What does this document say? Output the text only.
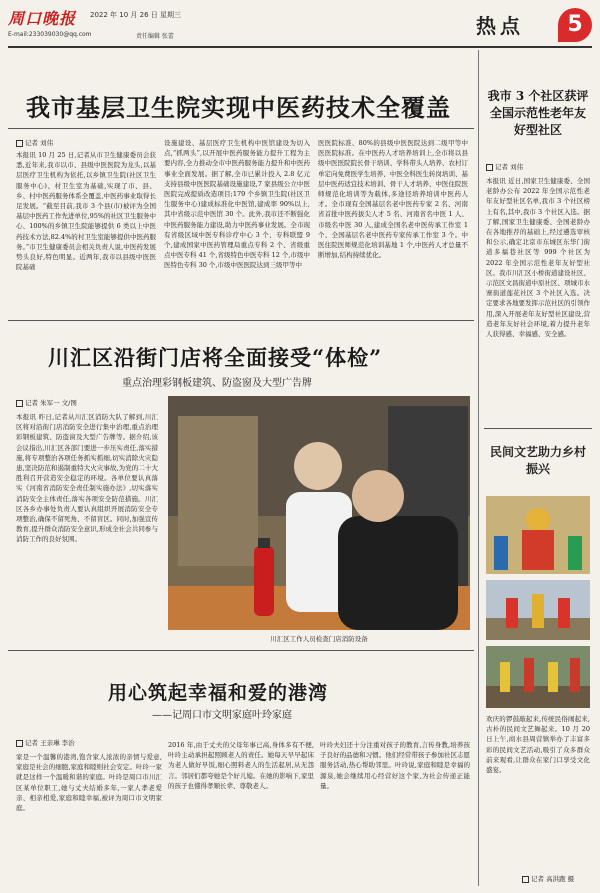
周口晚报 2022 年 10 月 26 日 星期三
E-mail:233039030@qq.com	责任编辑 张蕾	热点	5
我市基层卫生院实现中医药技术全覆盖
记者 刘伟
本报讯 10 月 25 日,记者从市卫生健康委员会获悉,近年来,我市以市、县级中医医院为龙头,以基层医疗卫生机构为依托,以乡镇卫生院(社区卫生服务中心)、村卫生室为基础,实现了市、县、乡、村中医药服务体系全覆盖,中医药事业取得长足发展。“截至目前,我市 3 个县(市)被评为全国基层中医药工作先进单位,95%的社区卫生服务中心、100%的乡镇卫生院能够提供 6 类以上中医药技术方法,82.4%的村卫生室能够提供中医药服务。”市卫生健康委员会相关负责人说,中医药发展势头良好,特色明显。近两年,我市以县级中医医院基础
设施建设、基层医疗卫生机构中医馆建设为切入点,“抓两头”,以开展中医药服务能力提升工程为主要内容,全力推动全市中医药服务能力提升和中医药事业全面发展。据了解,全市已累计投入 2.8 亿元支持县级中医医院基础设施建设,7 家县级公立中医医院完成提质改造项目;179 个乡镇卫生院(社区卫生服务中心)建成标准化中医馆,建成率 90%以上,其中省级示范中医馆 30 个。此外,我市还不断强化中医药服务能力建设,助力中医药事业发展。全市现有省级区域中医专科诊疗中心 3 个、专科联盟 9 个,建成国家中医药管理局重点专科 2 个、省级重点中医专科 41 个,省级特色中医专科 12 个,市级中医特色专科 30 个,市级中医医院达到三级甲等中
医医院标准、80%的县级中医医院达到二级甲等中医医院标准。在中医药人才培养培训上,全市将以县级中医医院院长骨干培训、学科带头人培养、农村订单定向免费医学生培养、中医全科医生转岗培训、基层中医药适宜技术培训、骨干人才培养、中医住院医师规范化培训等为载体,多途径培养培训中医药人才。全市现有全国基层名老中医药专家 2 名、河南省首批中医药拔尖人才 5 名、河南省名中医 1 人、市级名中医 30 人,建成全国名老中医传承工作室 1 个、全国基层名老中医药专家传承工作室 3 个。中医住院医师规范化培训基地 1 个,中医药人才总量不断增加,结构持续优化。
川汇区沿街门店将全面接受“体检”
重点治理彩钢板建筑、防盗窗及大型广告牌
记者 朱军一 文/图
本报讯 昨日,记者从川汇区消防大队了解到,川汇区将对沿街门店消防安全进行集中治理,重点治理彩钢板建筑、防盗窗及大型广告牌等。据介绍,该会议指出,川汇区各部门要进一步压实责任,落实措施,将专项整治各项任务抓实抓细,切实消除火灾隐患,坚决防范和遏制重特大火灾事故,为党的二十大胜利召开营造安全稳定的环境。各单位要认真落实《河南省消防安全责任制实施办法》,切实落实消防安全主体责任,落实各项安全防范措施。川汇区各乡办事处负责人要认真组织开展消防安全专项整治,确保不留死角、不留盲区。同时,加强宣传教育,提升群众消防安全意识,形成全社会共同参与消防工作的良好氛围。
川汇区工作人员检查门店消防设备
用心筑起幸福和爱的港湾
——记周口市文明家庭叶玲家庭
记者 王亲琳 李治
家是一个温馨的港湾,饱含家人浓浓的亲情与爱意,家庭是社会的细胞,家庭和睦则社会安定。叶玲一家就是这样一个温暖和谐的家庭。叶玲是周口市川汇区某单位职工,她与丈夫结婚多年,一家人孝老爱亲、相亲相爱,家庭和睦幸福,被评为周口市文明家庭。
2016 年,由于丈夫的父母年事已高,身体多有不便,叶玲主动承担起照顾老人的责任。她每天早早起床为老人做好早饭,细心照料老人的生活起居,从无怨言。邻居们都夸她是个好儿媳。在她的影响下,家里的孩子也懂得孝顺长辈、尊敬老人。
叶玲夫妇还十分注重对孩子的教育,言传身教,培养孩子良好的品德和习惯。他们经常带孩子参加社区志愿服务活动,热心帮助邻里。叶玲说,家庭和睦是幸福的源泉,她会继续用心经营好这个家,为社会传递正能量。
我市 3 个社区获评全国示范性老年友好型社区
记者 刘伟
本报讯 近日,国家卫生健康委、全国老龄办公布 2022 年全国示范性老年友好型社区名单,我市 3 个社区榜上有名,其中,我市 3 个社区入选。据了解,国家卫生健康委、全国老龄办在各地推荐的基础上,经过遴选审核和公示,确定北京市东城区东华门街道多福巷社区等 999 个社区为 2022 年全国示范性老年友好型社区。我市川汇区小桥街道建设社区、示范区文昌街道中原社区、项城市水寨街道莲花社区 3 个社区入选。决定要求各地要发挥示范社区的引领作用,深入开展老年友好型社区建设,营造老年友好社会环境,着力提升老年人获得感、幸福感、安全感。
民间文艺助力乡村振兴
欢庆的锣鼓敲起来,传统民俗闹起来,古朴的民间文艺舞起来。10 月 20 日上午,商水县周营镇举办了丰富多彩的民间文艺活动,吸引了众多群众前来观看,让群众在家门口享受文化盛宴。
记者 高洪跑 摄
